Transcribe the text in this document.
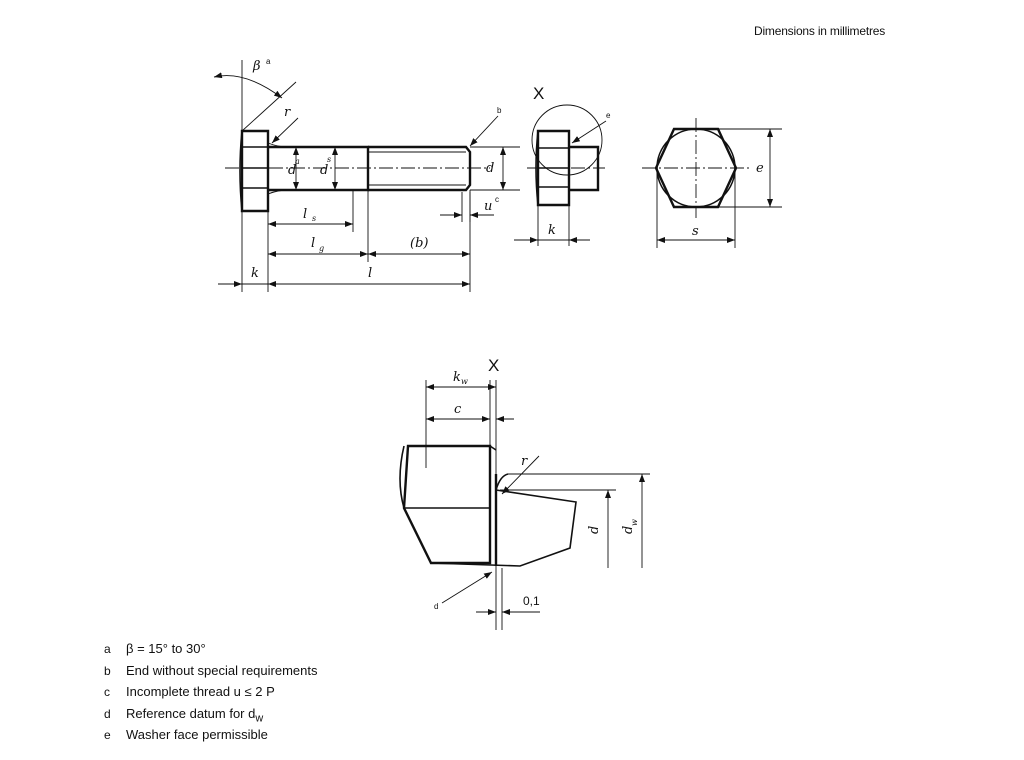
Dimensions in millimetres
β a
r	b
d
a
d
s
d
u c
l s
l g	(b)
k	l
X
e
k
e
s
X
k w
c
r
d d
w
d	0,1
a β = 15° to 30°
b End without special requirements
c Incomplete thread u ≤ 2 P
d Reference datum for $d_w$
e Washer face permissible
